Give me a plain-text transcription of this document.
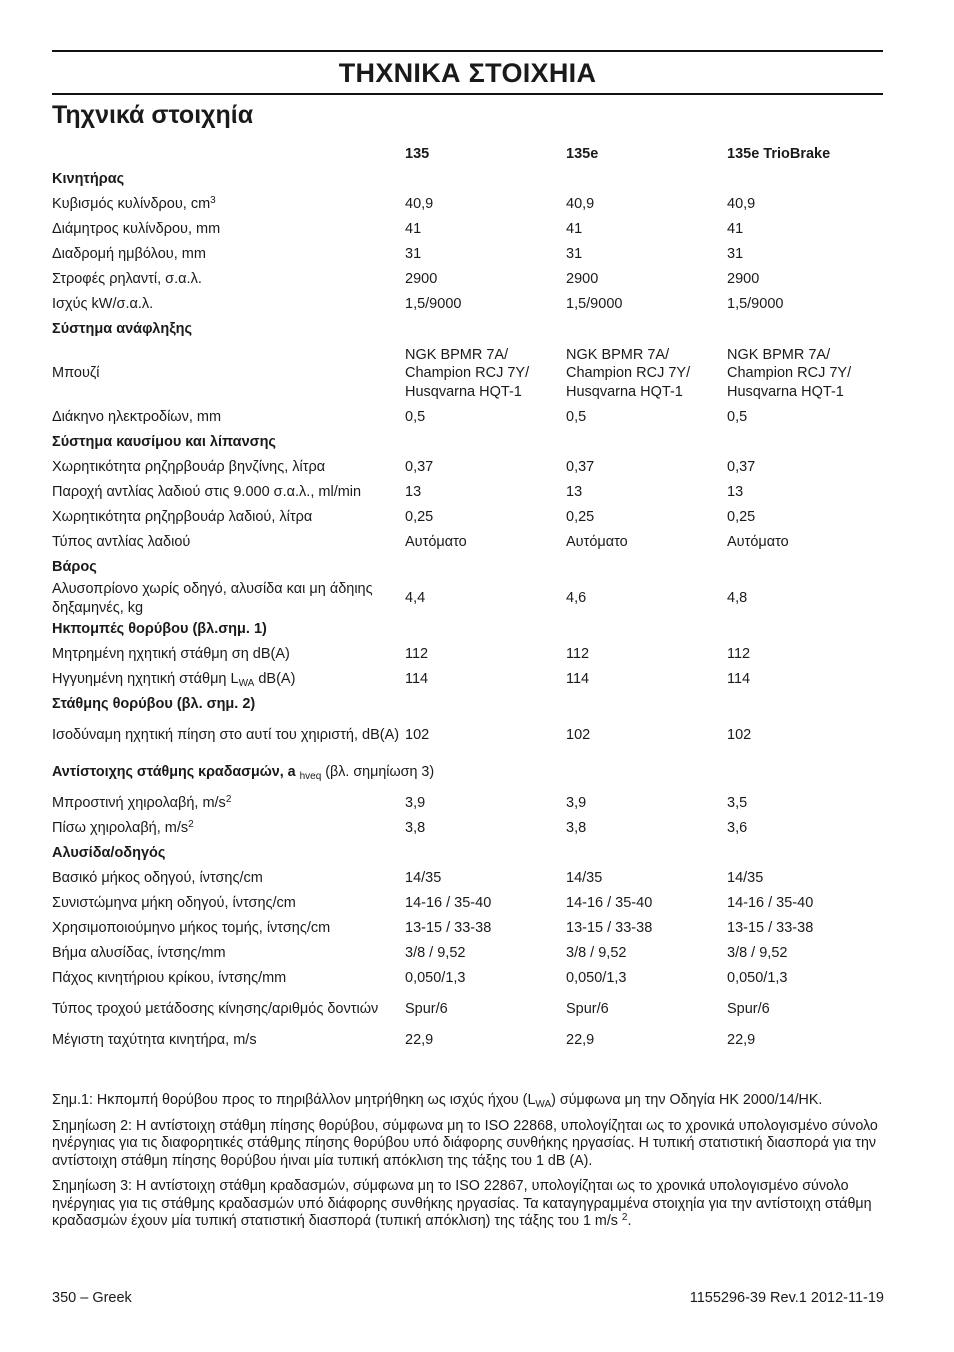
ΤΗΧΝΙΚΑ ΣΤΟΙΧΗΙΑ
Τηχνικά στοιχηία
	135	135e	135e TrioBrake
Κινητήρας			
Κυβισμός κυλίνδρου, $cm^3$	40,9	40,9	40,9
Διάμητρος κυλίνδρου, mm	41	41	41
Διαδρομή ημβόλου, mm	31	31	31
Στροφές ρηλαντί, σ.α.λ.	2900	2900	2900
Ισχύς kW/σ.α.λ.	1,5/9000	1,5/9000	1,5/9000
Σύστημα ανάφληξης			
Μπουζί	NGK BPMR 7A/ Champion RCJ 7Y/ Husqvarna HQT-1	NGK BPMR 7A/ Champion RCJ 7Y/ Husqvarna HQT-1	NGK BPMR 7A/ Champion RCJ 7Y/ Husqvarna HQT-1
Διάκηνο ηλεκτροδίων, mm	0,5	0,5	0,5
Σύστημα καυσίμου και λίπανσης			
Χωρητικότητα ρηζηρβουάρ βηνζίνης, λίτρα	0,37	0,37	0,37
Παροχή αντλίας λαδιού στις 9.000 σ.α.λ., ml/min	13	13	13
Χωρητικότητα ρηζηρβουάρ λαδιού, λίτρα	0,25	0,25	0,25
Τύπος αντλίας λαδιού	Αυτόματο	Αυτόματο	Αυτόματο
Βάρος			
Αλυσοπρίονο χωρίς οδηγό, αλυσίδα και μη άδηιης δηξαμηνές, kg	4,4	4,6	4,8
Ηκπομπές θορύβου (βλ.σημ. 1)			
Μητρημένη ηχητική στάθμη ση dB(A)	112	112	112
Ηγγυημένη ηχητική στάθμη $L_{WA}$ dB(A)	114	114	114
Στάθμης θορύβου (βλ. σημ. 2)			
Ισοδύναμη ηχητική πίηση στο αυτί του χηιριστή, dB(A)	102	102	102
Αντίστοιχης στάθμης κραδασμών, a $_{hveq}$ (βλ. σημηίωση 3)			
Μπροστινή χηιρολαβή, $m/s^2$	3,9	3,9	3,5
Πίσω χηιρολαβή, $m/s^2$	3,8	3,8	3,6
Αλυσίδα/οδηγός			
Βασικό μήκος οδηγού, ίντσης/cm	14/35	14/35	14/35
Συνιστώμηνα μήκη οδηγού, ίντσης/cm	14-16 / 35-40	14-16 / 35-40	14-16 / 35-40
Χρησιμοποιούμηνο μήκος τομής, ίντσης/cm	13-15 / 33-38	13-15 / 33-38	13-15 / 33-38
Βήμα αλυσίδας, ίντσης/mm	3/8 / 9,52	3/8 / 9,52	3/8 / 9,52
Πάχος κινητήριου κρίκου, ίντσης/mm	0,050/1,3	0,050/1,3	0,050/1,3
Τύπος τροχού μετάδοσης κίνησης/αριθμός δοντιών	Spur/6	Spur/6	Spur/6
Μέγιστη ταχύτητα κινητήρα, m/s	22,9	22,9	22,9

Σημ.1: Ηκπομπή θορύβου προς το πηριβάλλον μητρήθηκη ως ισχύς ήχου $(L_{WA})$ σύμφωνα μη την Οδηγία ΗΚ 2000/14/ΗΚ.

Σημηίωση 2: Η αντίστοιχη στάθμη πίησης θορύβου, σύμφωνα μη το ISO 22868, υπολογίζηται ως το χρονικά υπολογισμένο σύνολο ηνέργηιας για τις διαφορητικές στάθμης πίησης θορύβου υπό διάφορης συνθήκης ηργασίας. Η τυπική στατιστική διασπορά για την αντίστοιχη στάθμη πίησης θορύβου ήιναι μία τυπική απόκλιση της τάξης του 1 dB (A).

Σημηίωση 3: Η αντίστοιχη στάθμη κραδασμών, σύμφωνα μη το ISO 22867, υπολογίζηται ως το χρονικά υπολογισμένο σύνολο ηνέργηιας για τις στάθμης κραδασμών υπό διάφορης συνθήκης ηργασίας. Τα καταγηγραμμένα στοιχηία για την αντίστοιχη στάθμη κραδασμών έχουν μία τυπική στατιστική διασπορά (τυπική απόκλιση) της τάξης του 1 m/s $^2$.

350 – Greek	1155296-39 Rev.1 2012-11-19
